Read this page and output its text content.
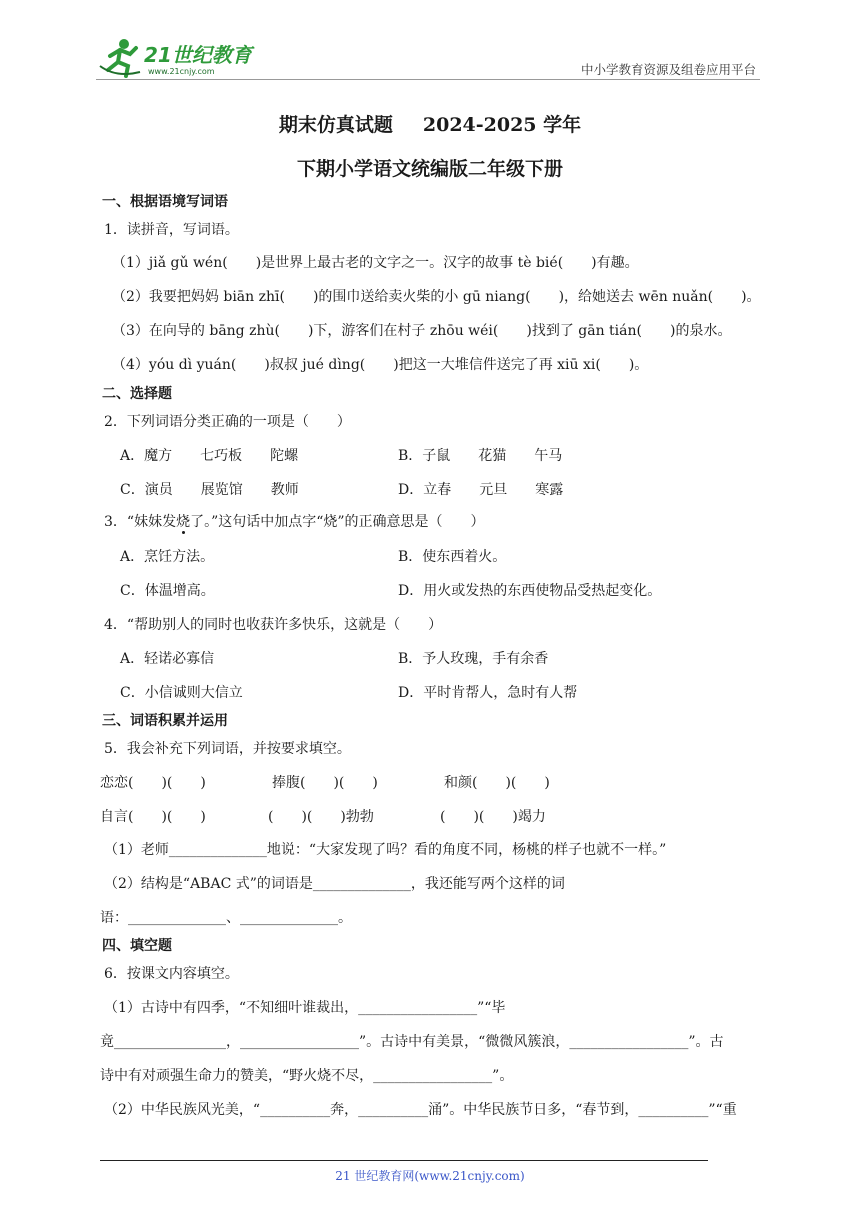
21世纪教育
www.21cnjy.com	中小学教育资源及组卷应用平台
期末仿真试题 2024-2025 学年
下期小学语文统编版二年级下册
一、根据语境写词语
1．读拼音，写词语。
（1）jiǎ gǔ wén(　　)是世界上最古老的文字之一。汉字的故事 tè bié(　　)有趣。
（2）我要把妈妈 biān zhī(　　)的围巾送给卖火柴的小 gū niang(　　)，给她送去 wēn nuǎn(　　)。
（3）在向导的 bāng zhù(　　)下，游客们在村子 zhōu wéi(　　)找到了 gān tián(　　)的泉水。
（4）yóu dì yuán(　　)叔叔 jué dìng(　　)把这一大堆信件送完了再 xiū xi(　　)。
二、选择题
2．下列词语分类正确的一项是（　　）
A．魔方　　七巧板　　陀螺	B．子鼠　　花猫　　午马
C．演员　　展览馆　　教师	D．立春　　元旦　　寒露
3．“妹妹发烧了。”这句话中加点字“烧”的正确意思是（　　）
A．烹饪方法。	B．使东西着火。
C．体温增高。	D．用火或发热的东西使物品受热起变化。
4．“帮助别人的同时也收获许多快乐，这就是（　　）
A．轻诺必寡信	B．予人玫瑰，手有余香
C．小信诚则大信立	D．平时肯帮人，急时有人帮
三、词语积累并运用
5．我会补充下列词语，并按要求填空。
恋恋(　　)(　　)	捧腹(　　)(　　)	和颜(　　)(　　)
自言(　　)(　　)	(　　)(　　)勃勃	(　　)(　　)竭力
（1）老师______________地说：“大家发现了吗？看的角度不同，杨桃的样子也就不一样。”
（2）结构是“ABAC 式”的词语是______________，我还能写两个这样的词
语：______________、______________。
四、填空题
6．按课文内容填空。
（1）古诗中有四季，“不知细叶谁裁出，_________________”“毕
竟________________，_________________”。古诗中有美景，“微微风簇浪，_________________”。古
诗中有对顽强生命力的赞美，“野火烧不尽，_________________”。
（2）中华民族风光美，“__________奔，__________涌”。中华民族节日多，“春节到，__________”“重
21 世纪教育网(www.21cnjy.com)
